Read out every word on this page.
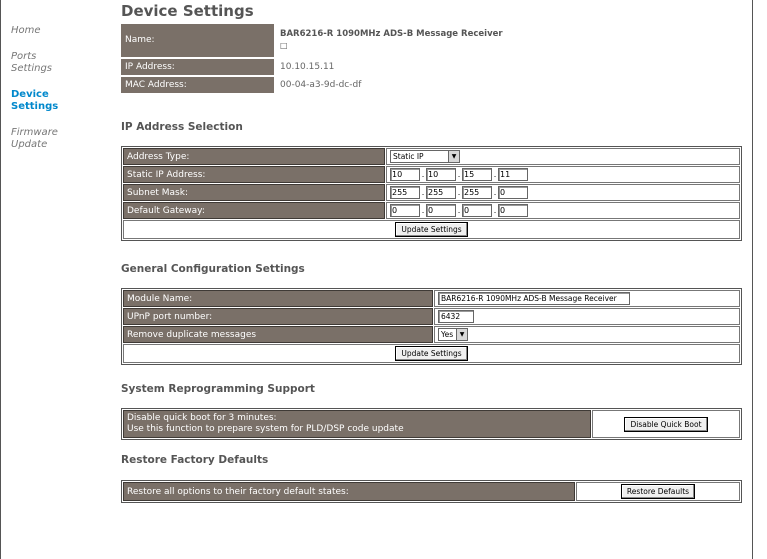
Home
Ports Settings
Device Settings
Firmware Update
Device Settings
Name:
BAR6216-R 1090MHz ADS-B Message Receiver
□
IP Address:	10.10.15.11
MAC Address:	00-04-a3-9d-dc-df
IP Address Selection
Address Type:	Static IP ▼

Static IP Address:	10 . 10 . 15 . 11
Subnet Mask:	255 . 255 . 255 . 0
Default Gateway:	0 . 0 . 0 . 0
Update Settings	
General Configuration Settings
Module Name:	BAR6216-R 1090MHz ADS-B Message Receiver
UPnP port number:	6432
Remove duplicate messages	Yes ▼

Update Settings	
System Reprogramming Support
Disable quick boot for 3 minutes:
Use this function to prepare system for PLD/DSP code update	Disable Quick Boot
Restore Factory Defaults
Restore all options to their factory default states:	Restore Defaults
